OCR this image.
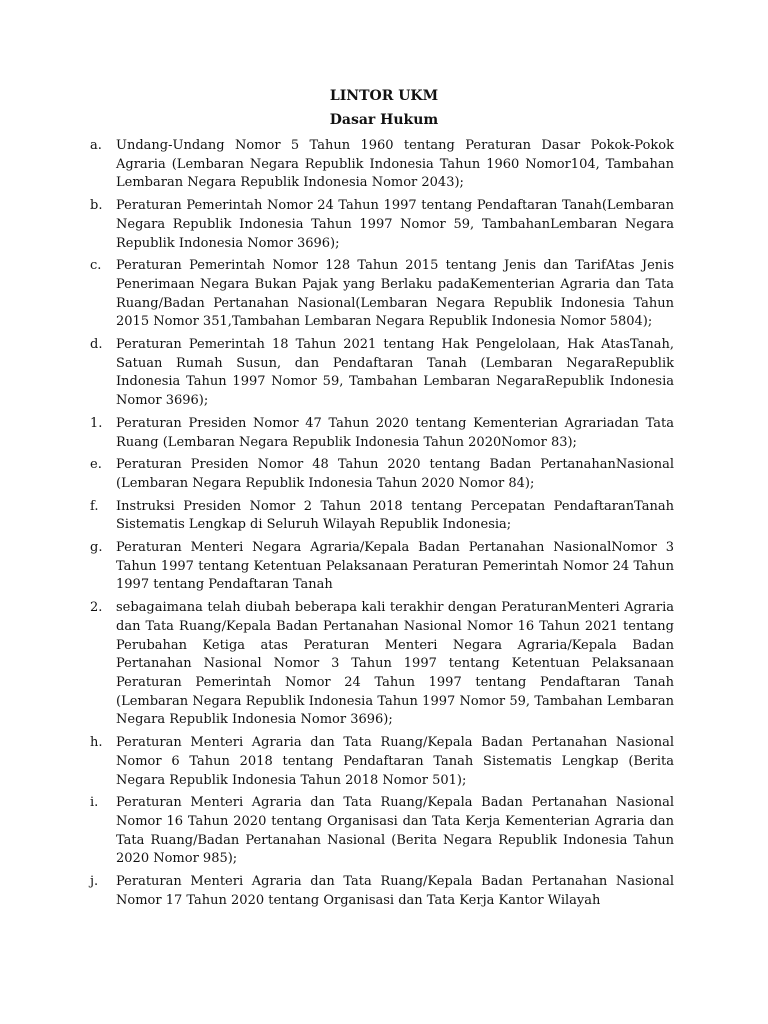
LINTOR UKM
Dasar Hukum
a. Undang-Undang Nomor 5 Tahun 1960 tentang Peraturan Dasar Pokok-Pokok Agraria (Lembaran Negara Republik Indonesia Tahun 1960 Nomor104, Tambahan Lembaran Negara Republik Indonesia Nomor 2043);
b. Peraturan Pemerintah Nomor 24 Tahun 1997 tentang Pendaftaran Tanah(Lembaran Negara Republik Indonesia Tahun 1997 Nomor 59, TambahanLembaran Negara Republik Indonesia Nomor 3696);
c. Peraturan Pemerintah Nomor 128 Tahun 2015 tentang Jenis dan TarifAtas Jenis Penerimaan Negara Bukan Pajak yang Berlaku padaKementerian Agraria dan Tata Ruang/Badan Pertanahan Nasional(Lembaran Negara Republik Indonesia Tahun 2015 Nomor 351,Tambahan Lembaran Negara Republik Indonesia Nomor 5804);
d. Peraturan Pemerintah 18 Tahun 2021 tentang Hak Pengelolaan, Hak AtasTanah, Satuan Rumah Susun, dan Pendaftaran Tanah (Lembaran NegaraRepublik Indonesia Tahun 1997 Nomor 59, Tambahan Lembaran NegaraRepublik Indonesia Nomor 3696);
1. Peraturan Presiden Nomor 47 Tahun 2020 tentang Kementerian Agrariadan Tata Ruang (Lembaran Negara Republik Indonesia Tahun 2020Nomor 83);
e. Peraturan Presiden Nomor 48 Tahun 2020 tentang Badan PertanahanNasional (Lembaran Negara Republik Indonesia Tahun 2020 Nomor 84);
f. Instruksi Presiden Nomor 2 Tahun 2018 tentang Percepatan PendaftaranTanah Sistematis Lengkap di Seluruh Wilayah Republik Indonesia;
g. Peraturan Menteri Negara Agraria/Kepala Badan Pertanahan NasionalNomor 3 Tahun 1997 tentang Ketentuan Pelaksanaan Peraturan Pemerintah Nomor 24 Tahun 1997 tentang Pendaftaran Tanah
2. sebagaimana telah diubah beberapa kali terakhir dengan PeraturanMenteri Agraria dan Tata Ruang/Kepala Badan Pertanahan Nasional Nomor 16 Tahun 2021 tentang Perubahan Ketiga atas Peraturan Menteri Negara Agraria/Kepala Badan Pertanahan Nasional Nomor 3 Tahun 1997 tentang Ketentuan Pelaksanaan Peraturan Pemerintah Nomor 24 Tahun 1997 tentang Pendaftaran Tanah (Lembaran Negara Republik Indonesia Tahun 1997 Nomor 59, Tambahan Lembaran Negara Republik Indonesia Nomor 3696);
h. Peraturan Menteri Agraria dan Tata Ruang/Kepala Badan Pertanahan Nasional Nomor 6 Tahun 2018 tentang Pendaftaran Tanah Sistematis Lengkap (Berita Negara Republik Indonesia Tahun 2018 Nomor 501);
i. Peraturan Menteri Agraria dan Tata Ruang/Kepala Badan Pertanahan Nasional Nomor 16 Tahun 2020 tentang Organisasi dan Tata Kerja Kementerian Agraria dan Tata Ruang/Badan Pertanahan Nasional (Berita Negara Republik Indonesia Tahun 2020 Nomor 985);
j. Peraturan Menteri Agraria dan Tata Ruang/Kepala Badan Pertanahan Nasional Nomor 17 Tahun 2020 tentang Organisasi dan Tata Kerja Kantor Wilayah
